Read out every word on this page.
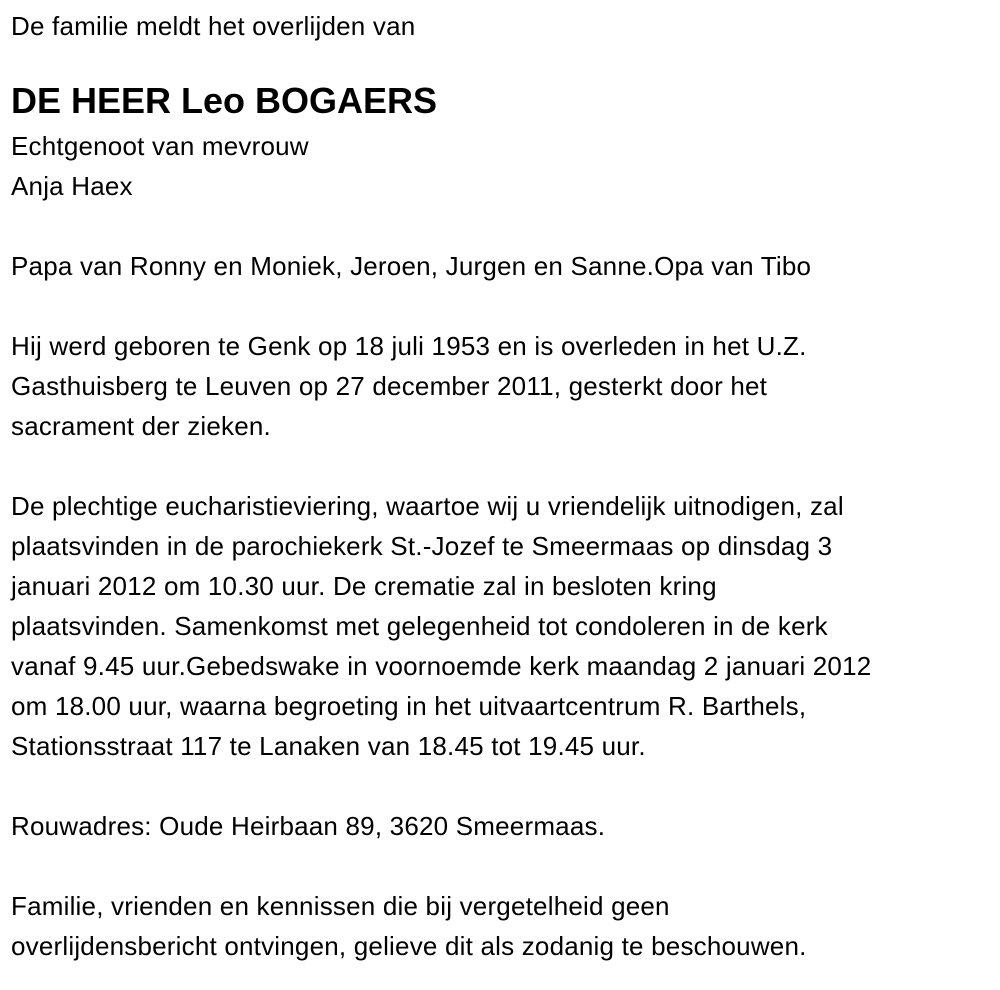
De familie meldt het overlijden van
DE HEER Leo BOGAERS
Echtgenoot van mevrouw
Anja Haex
Papa van Ronny en Moniek, Jeroen, Jurgen en Sanne.Opa van Tibo
Hij werd geboren te Genk op 18 juli 1953 en is overleden in het U.Z.
Gasthuisberg te Leuven op 27 december 2011, gesterkt door het
sacrament der zieken.
De plechtige eucharistieviering, waartoe wij u vriendelijk uitnodigen, zal
plaatsvinden in de parochiekerk St.-Jozef te Smeermaas op dinsdag 3
januari 2012 om 10.30 uur. De crematie zal in besloten kring
plaatsvinden. Samenkomst met gelegenheid tot condoleren in de kerk
vanaf 9.45 uur.Gebedswake in voornoemde kerk maandag 2 januari 2012
om 18.00 uur, waarna begroeting in het uitvaartcentrum R. Barthels,
Stationsstraat 117 te Lanaken van 18.45 tot 19.45 uur.
Rouwadres: Oude Heirbaan 89, 3620 Smeermaas.
Familie, vrienden en kennissen die bij vergetelheid geen
overlijdensbericht ontvingen, gelieve dit als zodanig te beschouwen.
